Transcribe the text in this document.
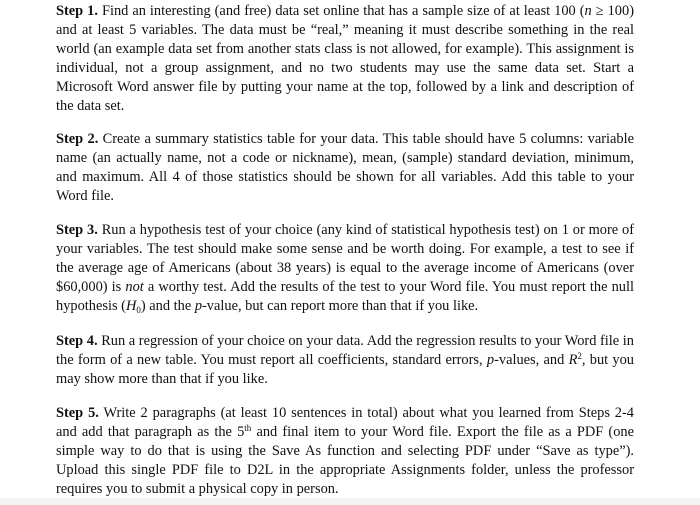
Step 1. Find an interesting (and free) data set online that has a sample size of at least 100 (n ≥ 100) and at least 5 variables. The data must be “real,” meaning it must describe something in the real world (an example data set from another stats class is not allowed, for example). This assignment is individual, not a group assignment, and no two students may use the same data set. Start a Microsoft Word answer file by putting your name at the top, followed by a link and description of the data set.

Step 2. Create a summary statistics table for your data. This table should have 5 columns: variable name (an actually name, not a code or nickname), mean, (sample) standard deviation, minimum, and maximum. All 4 of those statistics should be shown for all variables. Add this table to your Word file.

Step 3. Run a hypothesis test of your choice (any kind of statistical hypothesis test) on 1 or more of your variables. The test should make some sense and be worth doing. For example, a test to see if the average age of Americans (about 38 years) is equal to the average income of Americans (over $60,000) is not a worthy test. Add the results of the test to your Word file. You must report the null hypothesis $(H_0)$ and the p-value, but can report more than that if you like.

Step 4. Run a regression of your choice on your data. Add the regression results to your Word file in the form of a new table. You must report all coefficients, standard errors, p-values, and $R^2$, but you may show more than that if you like.

Step 5. Write 2 paragraphs (at least 10 sentences in total) about what you learned from Steps 2-4 and add that paragraph as the 5th and final item to your Word file. Export the file as a PDF (one simple way to do that is using the Save As function and selecting PDF under “Save as type”). Upload this single PDF file to D2L in the appropriate Assignments folder, unless the professor requires you to submit a physical copy in person.
